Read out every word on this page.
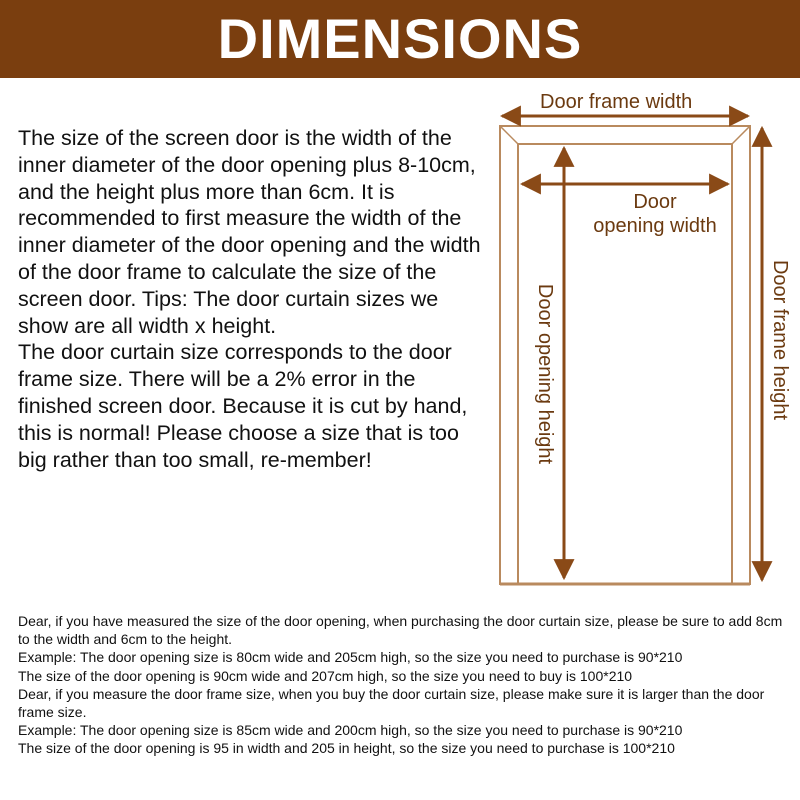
DIMENSIONS

The size of the screen door is the width of the inner diameter of the door opening plus 8-10cm, and the height plus more than 6cm. It is recommended to first measure the width of the inner diameter of the door opening and the width of the door frame to calculate the size of the screen door. Tips: The door curtain sizes we show are all width x height.

The door curtain size corresponds to the door frame size. There will be a 2% error in the finished screen door. Because it is cut by hand, this is normal! Please choose a size that is too big rather than too small, re-member!

Door frame width
Door
opening width
Door opening height	Door frame height

Dear, if you have measured the size of the door opening, when purchasing the door curtain size, please be sure to add 8cm to the width and 6cm to the height.

Example: The door opening size is 80cm wide and 205cm high, so the size you need to purchase is 90*210

The size of the door opening is 90cm wide and 207cm high, so the size you need to buy is 100*210

Dear, if you measure the door frame size, when you buy the door curtain size, please make sure it is larger than the door frame size.

Example: The door opening size is 85cm wide and 200cm high, so the size you need to purchase is 90*210

The size of the door opening is 95 in width and 205 in height, so the size you need to purchase is 100*210
